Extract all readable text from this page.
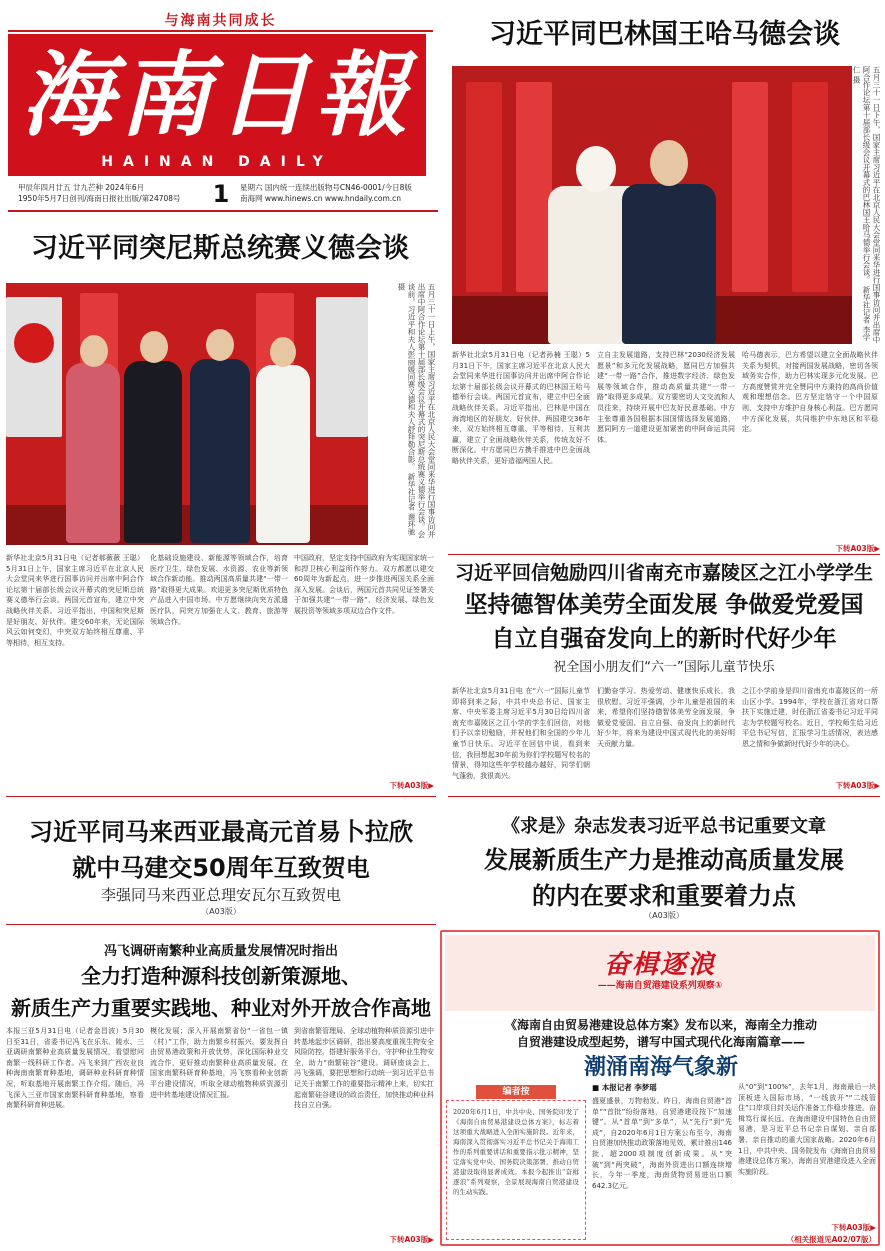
与海南共同成长
海南日報
HAINAN DAILY
甲辰年四月廿五 廿九芒种 2024年6月
1950年5月7日创刊/海南日报社出版/第24708号	1	星期六 国内统一连续出版物号CN46-0001/今日8版
南海网 www.hinews.cn www.hndaily.com.cn
习近平同巴林国王哈马德会谈
五月三十一日下午，国家主席习近平在北京人民大会堂同来华进行国事访问并出席中阿合作论坛第十届部长级会议开幕式的巴林国王哈马德举行会谈。 新华社记者 李学仁 摄
新华社北京5月31日电（记者孙楠 王聪）5月31日下午，国家主席习近平在北京人民大会堂同来华进行国事访问并出席中阿合作论坛第十届部长级会议开幕式的巴林国王哈马德举行会谈。两国元首宣布，建立中巴全面战略伙伴关系。习近平指出，巴林是中国在海湾地区的好朋友、好伙伴。两国建交36年来，双方始终相互尊重、平等相待、互利共赢，建立了全面战略伙伴关系，传统友好不断深化。中方愿同巴方携手推进中巴全面战略伙伴关系，更好造福两国人民。
立自主发展道路，支持巴林“2030经济发展愿景”和多元化发展战略，愿同巴方加强共建“一带一路”合作，推进数字经济、绿色发展等领域合作，推动高质量共建“一带一路”取得更多成果。双方要密切人文交流和人员往来，持续开展中巴友好民意基础。中方主张尊重各国根据本国国情选择发展道路，愿同阿方一道建设更加紧密的中阿命运共同体。
哈马德表示，巴方希望以建立全面战略伙伴关系为契机，对接两国发展战略，密切各领域务实合作，助力巴林实现多元化发展。巴方高度赞赏并完全赞同中方秉持的高尚价值观和理想信念。巴方坚定恪守一个中国原则，支持中方维护自身核心利益。巴方愿同中方深化发展，共同维护中东地区和平稳定。
下转A03版▶
习近平同突尼斯总统赛义德会谈
五月三十一日上午，国家主席习近平在北京人民大会堂同来华进行国事访问并出席中阿合作论坛第十届部长级会议开幕式的突尼斯总统赛义德举行会谈。会谈前，习近平和夫人彭丽媛同赛义德和夫人舒拜勒合影。 新华社记者 谢环驰 摄
新华社北京5月31日电（记者郝薇薇 王聪）5月31日上午，国家主席习近平在北京人民大会堂同来华进行国事访问并出席中阿合作论坛第十届部长级会议开幕式的突尼斯总统赛义德举行会谈。两国元首宣布，建立中突战略伙伴关系。习近平指出，中国和突尼斯是好朋友、好伙伴。建交60年来，无论国际风云如何变幻，中突双方始终相互尊重、平等相待，相互支持。
化基础设施建设、新能源等领域合作，培育医疗卫生、绿色发展、水资源、农业等新领域合作新动能。推动两国高质量共建“一带一路”取得更大成果。欢迎更多突尼斯优质特色产品进入中国市场。中方愿继续向突方派遣医疗队，同突方加强在人文、教育、旅游等领域合作。
中国政府，坚定支持中国政府为实现国家统一和捍卫核心利益所作努力。双方都愿以建交60周年为新起点，进一步推进两国关系全面深入发展。会谈后，两国元首共同见证签署关于加强共建“一带一路”、经济发展、绿色发展投资等领域多项双边合作文件。
下转A03版▶
习近平回信勉励四川省南充市嘉陵区之江小学学生
坚持德智体美劳全面发展 争做爱党爱国
自立自强奋发向上的新时代好少年
祝全国小朋友们“六一”国际儿童节快乐
新华社北京5月31日电 在“六一”国际儿童节即将到来之际，中共中央总书记、国家主席、中央军委主席习近平5月30日给四川省南充市嘉陵区之江小学的学生们回信，对他们予以亲切勉励，并祝他们和全国的少年儿童节日快乐。习近平在回信中说，看到来信，我回想起30年前为你们学校题写校名的情景，得知这些年学校越办越好，同学们朝气蓬勃，我很高兴。
们勤奋学习、热爱劳动、健康快乐成长，我很欣慰。习近平强调，少年儿童是祖国的未来，希望你们坚持德智体美劳全面发展，争做爱党爱国、自立自强、奋发向上的新时代好少年，将来为建设中国式现代化的美好明天贡献力量。
之江小学前身是四川省南充市嘉陵区的一所山区小学。1994年，学校在浙江省对口帮扶下实施迁建，时任浙江省委书记习近平同志为学校题写校名。近日，学校师生给习近平总书记写信，汇报学习生活情况，表达感恩之情和争做新时代好少年的决心。
下转A03版▶
习近平同马来西亚最高元首易卜拉欣
就中马建交50周年互致贺电
李强同马来西亚总理安瓦尔互致贺电
（A03版）
《求是》杂志发表习近平总书记重要文章
发展新质生产力是推动高质量发展
的内在要求和重要着力点
（A03版）
冯飞调研南繁种业高质量发展情况时指出
全力打造种源科技创新策源地、
新质生产力重要实践地、种业对外开放合作高地
本报三亚5月31日电（记者金昌波）5月30日至31日，省委书记冯飞在乐东、陵水、三亚调研南繁种业高质量发展情况，看望慰问南繁一线科研工作者。冯飞来到广西农业良种海南南繁育种基地，调研种业科研育种情况，听取基地开展南繁工作介绍。随后，冯飞深入三亚市国家南繁科研育种基地，察看南繁科研育种进展。
模化发展；深入开展南繁省份“一省包一镇（村）”工作，助力南繁乡村振兴。要发挥自由贸易港政策和开放优势，深化国际种业交流合作，更好推动南繁种业高质量发展。在国家南繁科研育种基地，冯飞察看种业创新平台建设情况，听取全球动植物种质资源引进中转基地建设情况汇报。
到省南繁管理局、全球动植物种质资源引进中转基地起步区调研，指出要高度重视生物安全风险防控，搭建好服务平台，守护种业生物安全，助力“南繁硅谷”建设。调研座谈会上，冯飞强调，要把思想和行动统一到习近平总书记关于南繁工作的重要指示精神上来，切实扛起南繁硅谷建设的政治责任，加快推动种业科技自立自强。
下转A03版▶
奋楫逐浪
——海南自贸港建设系列观察①
《海南自由贸易港建设总体方案》发布以来，海南全力推动
自贸港建设成型起势，谱写中国式现代化海南篇章——
潮涌南海气象新
编者按
2020年6月1日，中共中央、国务院印发了《海南自由贸易港建设总体方案》，标志着这项重大战略进入全面实施阶段。近年来，海南深入贯彻落实习近平总书记关于海南工作的系列重要讲话和重要指示批示精神，坚定落实党中央、国务院决策部署，推动自贸港建设取得显著成效。本报今起推出“奋楫逐浪”系列观察，全景展现海南自贸港建设的生动实践。
■ 本报记者 李梦瑶
盛夏盛景，万物勃发。昨日，海南自贸港“首单”“首批”纷纷落地，自贸港建设按下“加速键”。从“首单”到“多单”，从“先行”到“先成”，自2020年6月1日方案公布至今，海南自贸港加快推动政策落地见效，累计推出146批、超2000项制度创新成果。从“突破”到“两突破”，海南外资进出口额连续增长，今年一季度，海南货物贸易进出口额642.3亿元。
从“0”到“100%”，去年1月，海南最后一块顶板进入国际市场，“一线放开”“二线管住”口岸项目封关运作准备工作稳步推进。奋楫笃行谋长远。在海南建设中国特色自由贸易港，是习近平总书记亲自谋划、亲自部署、亲自推动的重大国家战略。2020年6月1日，中共中央、国务院发布《海南自由贸易港建设总体方案》，海南自贸港建设进入全面实施阶段。
下转A03版▶
（相关报道见A02/07版）
